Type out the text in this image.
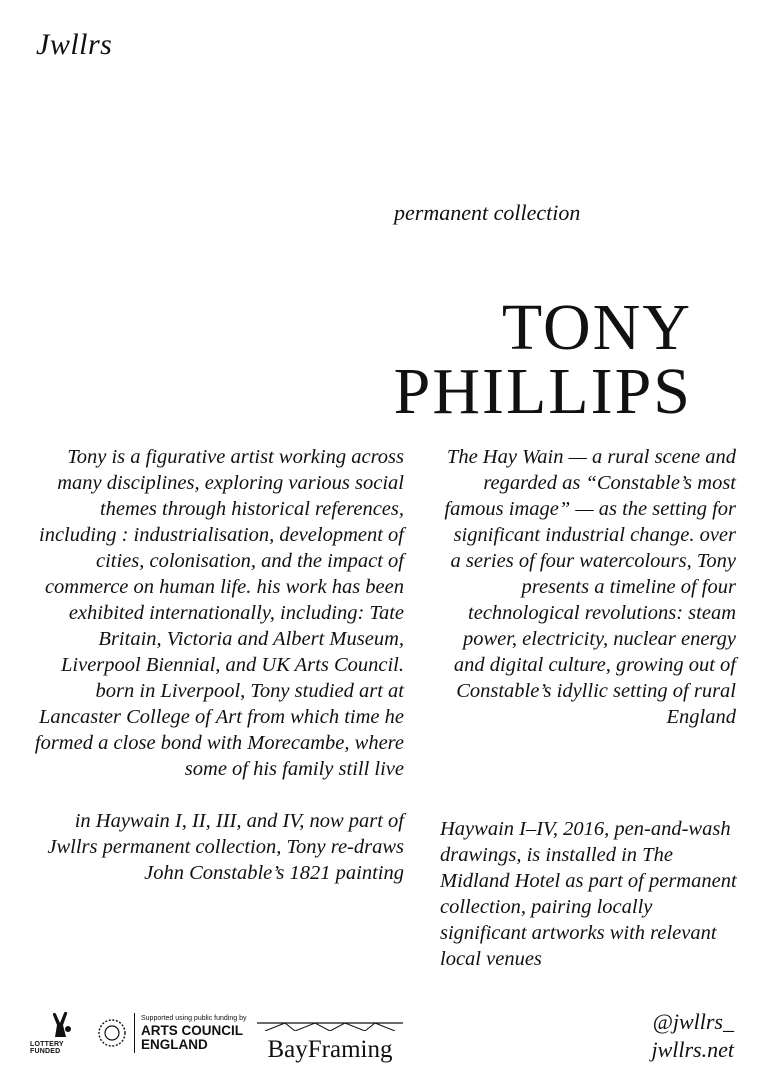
Jwllrs
permanent collection
TONY
PHILLIPS

Tony is a figurative artist working across many disciplines, exploring various social themes through historical references, including : industrialisation, development of cities, colonisation, and the impact of commerce on human life. his work has been exhibited internationally, including: Tate Britain, Victoria and Albert Museum, Liverpool Biennial, and UK Arts Council. born in Liverpool, Tony studied art at Lancaster College of Art from which time he formed a close bond with Morecambe, where some of his family still live

in Haywain I, II, III, and IV, now part of Jwllrs permanent collection, Tony re-draws John Constable’s 1821 painting

The Hay Wain — a rural scene and regarded as “Constable’s most famous image” — as the setting for significant industrial change. over a series of four watercolours, Tony presents a timeline of four technological revolutions: steam power, electricity, nuclear energy and digital culture, growing out of Constable’s idyllic setting of rural England

Haywain I–IV, 2016, pen-and-wash drawings, is installed in The Midland Hotel as part of permanent collection, pairing locally significant artworks with relevant local venues
LOTTERY FUNDED
Supported using public funding by
ARTS COUNCIL
ENGLAND	BayFraming
@jwllrs_
jwllrs.net
